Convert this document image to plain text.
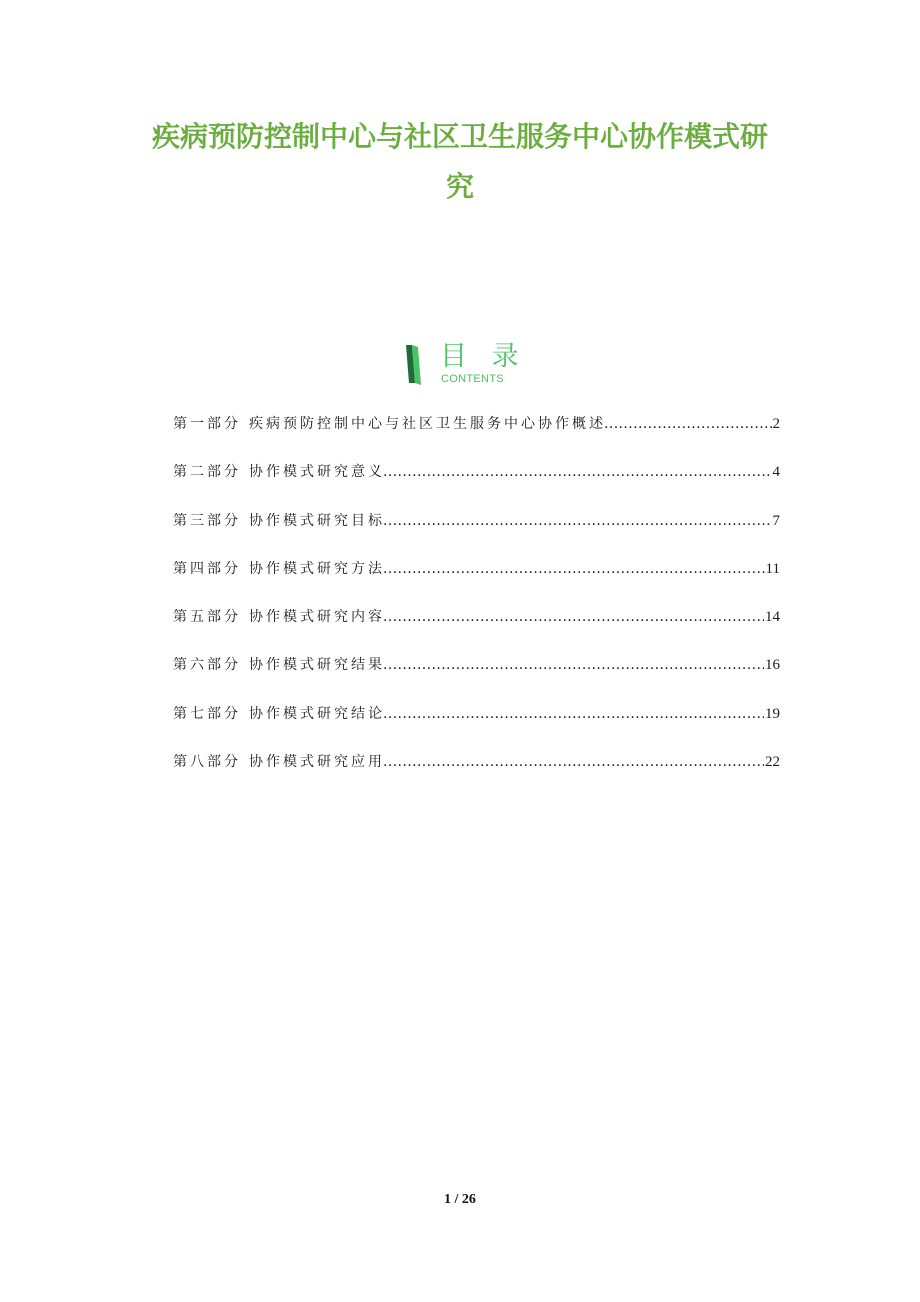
疾病预防控制中心与社区卫生服务中心协作模式研
究
目 录
CONTENTS
第一部分 疾病预防控制中心与社区卫生服务中心协作概述 .....	2
第二部分 协作模式研究意义 .....	4
第三部分 协作模式研究目标 .....	7
第四部分 协作模式研究方法 .....	11
第五部分 协作模式研究内容 .....	14
第六部分 协作模式研究结果 .....	16
第七部分 协作模式研究结论 .....	19
第八部分 协作模式研究应用 .....	22
1 / 26
